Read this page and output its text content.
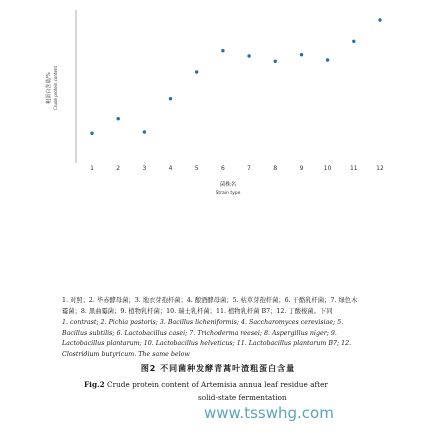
1	2	3	4	5	6	7	8	9	10	11	12
菌株名
Strain type
粗蛋白含量/% Crude protein content
1. 对照；2. 毕赤酵母菌；3. 地衣芽孢杆菌；4. 酿酒酵母菌；5. 枯草芽孢杆菌；6. 干酪乳杆菌；7. 绿色木霉菌；8. 黑曲霉菌；9. 植物乳杆菌；10. 瑞士乳杆菌；11. 植物乳杆菌 B7；12. 丁酸梭菌。下同
1. contrast; 2. Pichia pastoris; 3. Bacillus licheniformis; 4. Saccharomyces cerevisiae; 5. Bacillus subtilis; 6. Lactobacillus casei; 7. Trichoderma reesei; 8. Aspergillus niger; 9. Lactobacillus plantarum; 10. Lactobacillus helveticus; 11. Lactobacillus plantarum B7; 12. Clostridium butyricum. The same below
图2 不同菌种发酵青蒿叶渣粗蛋白含量
Fig.2 Crude protein content of Artemisia annua leaf residue after
solid-state fermentation
www.tsswhg.com
